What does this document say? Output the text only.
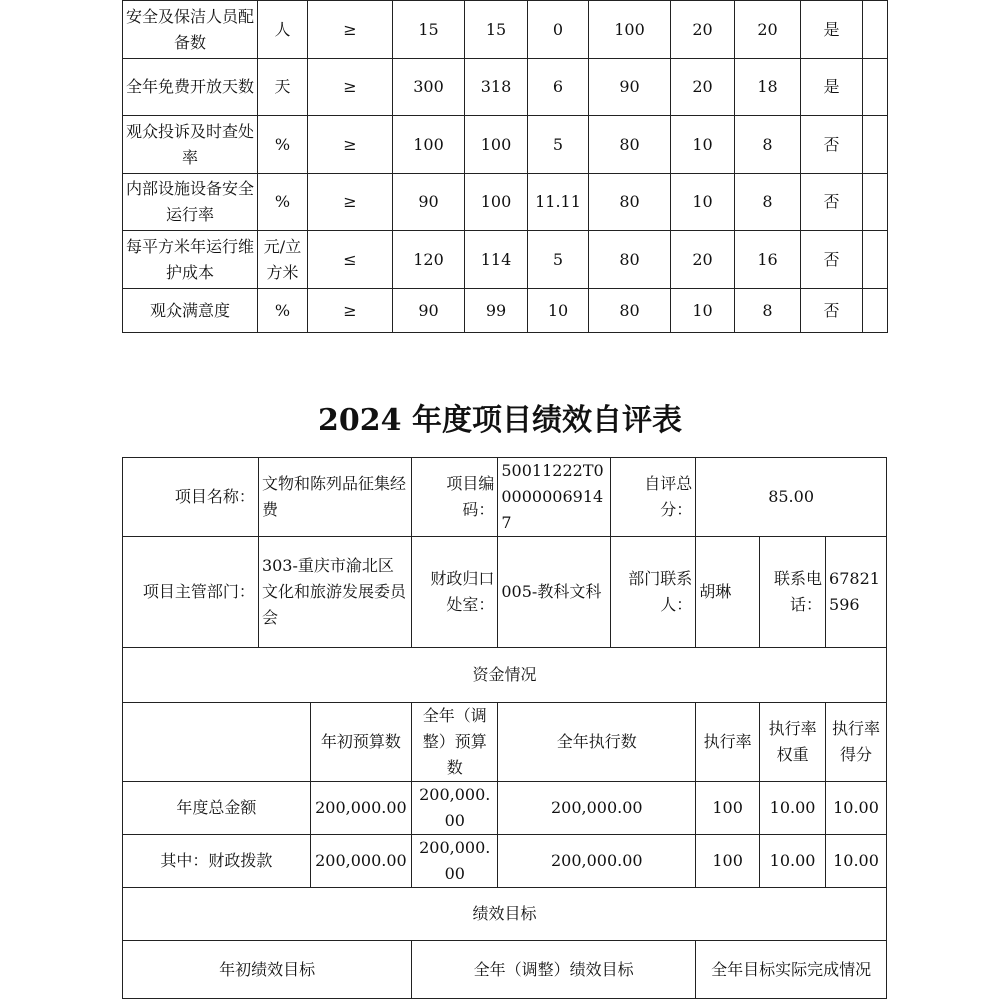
安全及保洁人员配备数	人	≥	15	15	0	100	20	20	是	
全年免费开放天数	天	≥	300	318	6	90	20	18	是	
观众投诉及时查处率	%	≥	100	100	5	80	10	8	否	
内部设施设备安全运行率	%	≥	90	100	11.11	80	10	8	否	
每平方米年运行维护成本	元/立方米	≤	120	114	5	80	20	16	否	
观众满意度	%	≥	90	99	10	80	10	8	否	
2024 年度项目绩效自评表
项目名称：	文物和陈列品征集经费		项目编码：	50011222T000000069147	自评总分：	85.00		
项目主管部门：	303-重庆市渝北区文化和旅游发展委员会		财政归口处室：	005-教科文科	部门联系人：	胡琳	联系电话：	67821596
资金情况								
		年初预算数	全年（调整）预算数	全年执行数		执行率	执行率权重	执行率得分
年度总金额		200,000.00	200,000.00	200,000.00		100	10.00	10.00
其中：财政拨款		200,000.00	200,000.00	200,000.00		100	10.00	10.00
绩效目标								
年初绩效目标			全年（调整）绩效目标			全年目标实际完成情况		
